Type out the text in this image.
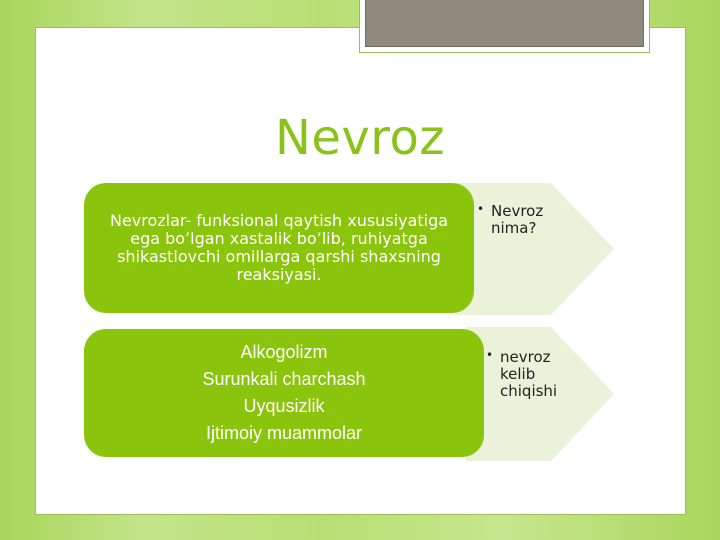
Nevroz

Nevrozlar- funksional qaytish xususiyatiga ega bo’lgan xastalik bo’lib, ruhiyatga shikastlovchi omillarga qarshi shaxsning reaksiyasi.

• Nevroz
nima?
Alkogolizm
Surunkali charchash
Uyqusizlik
Ijtimoiy muammolar
• nevroz
kelib
chiqishi
